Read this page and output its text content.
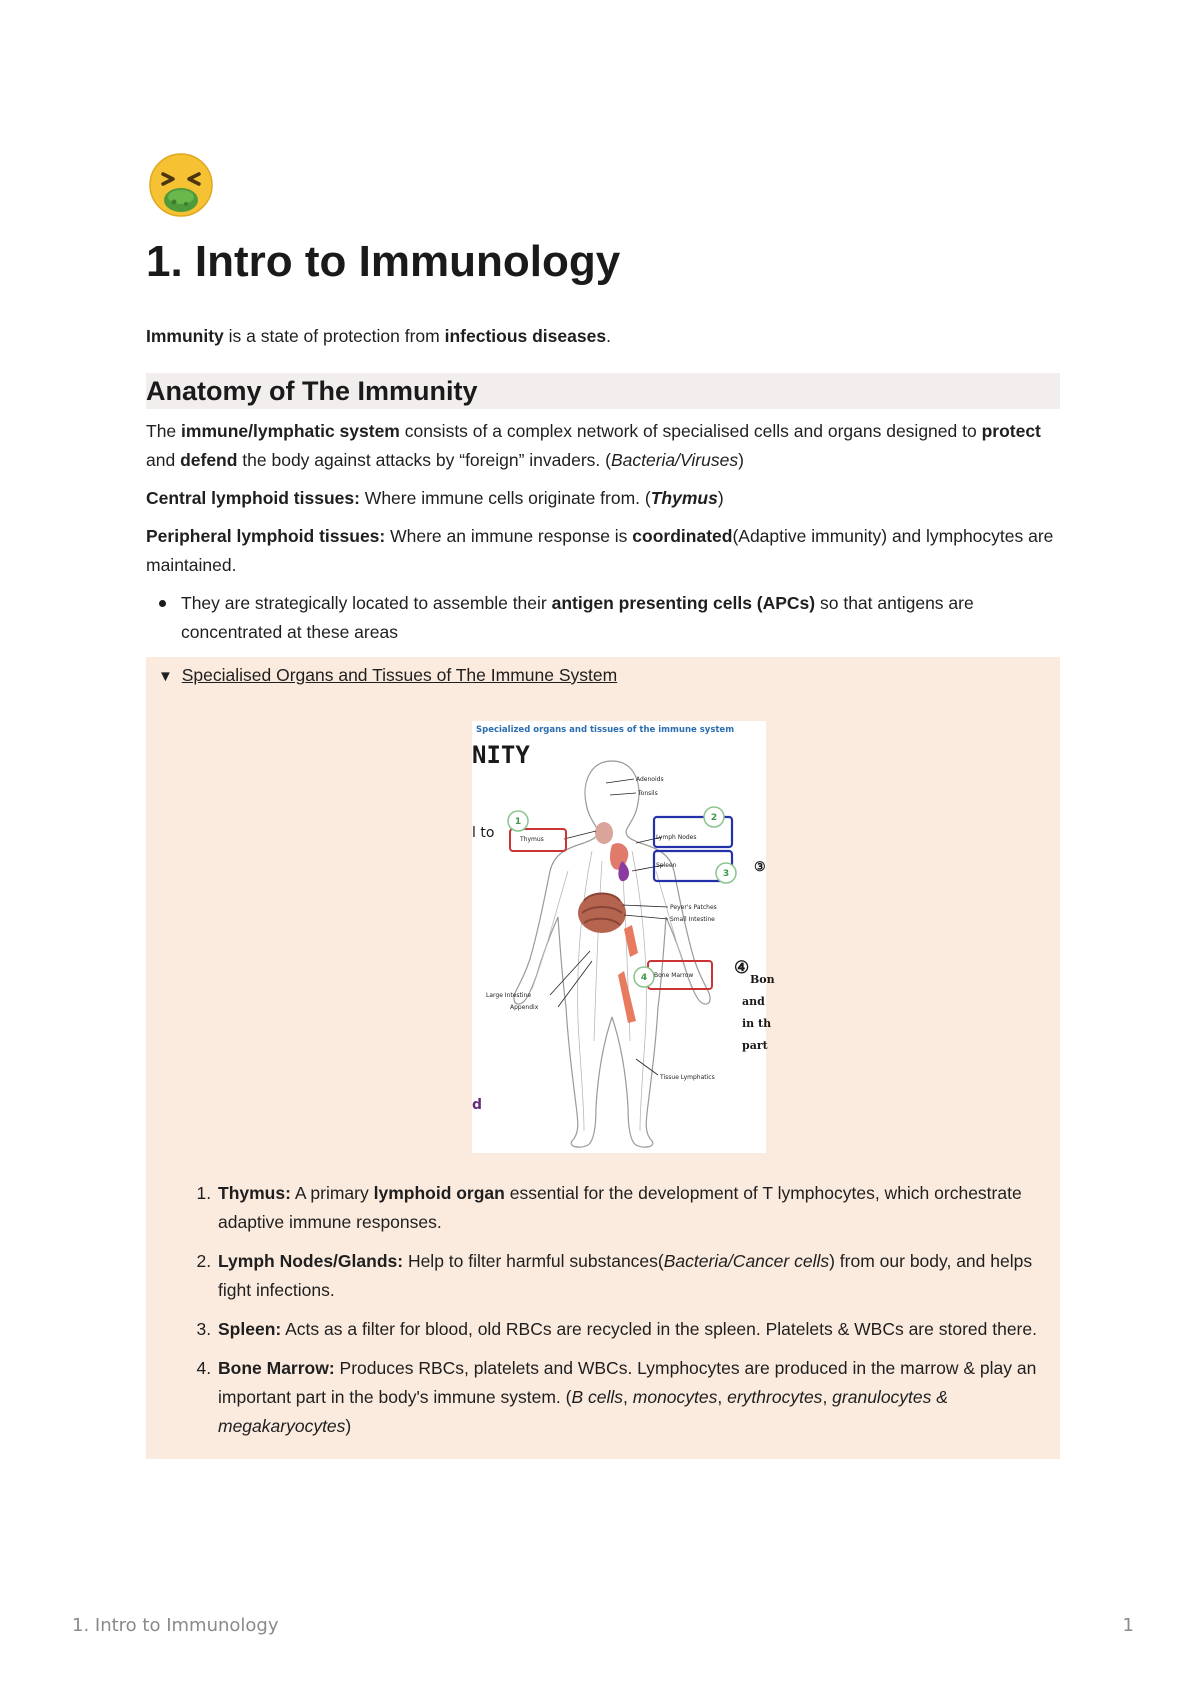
1. Intro to Immunology

Immunity is a state of protection from infectious diseases.

Anatomy of The Immunity

The immune/lymphatic system consists of a complex network of specialised cells and organs designed to protect and defend the body against attacks by “foreign” invaders. (Bacteria/Viruses)

Central lymphoid tissues: Where immune cells originate from. (Thymus)

Peripheral lymphoid tissues: Where an immune response is coordinated(Adaptive immunity) and lymphocytes are maintained.

They are strategically located to assemble their antigen presenting cells (APCs) so that antigens are concentrated at these areas
▼ Specialised Organs and Tissues of The Immune System
Specialized organs and tissues of the immune system
NITY
l to
d
Adenoids
Tonsils
Thymus	Lymph Nodes
Spleen
Peyer's Patches
Small Intestine
Large Intestine
Appendix
Bone Marrow
Tissue Lymphatics
1	2
3
4
③
④
Bon
and
in th
part
1. Thymus: A primary lymphoid organ essential for the development of T lymphocytes, which orchestrate adaptive immune responses.
2. Lymph Nodes/Glands: Help to filter harmful substances(Bacteria/Cancer cells) from our body, and helps fight infections.
3. Spleen: Acts as a filter for blood, old RBCs are recycled in the spleen. Platelets & WBCs are stored there.
4. Bone Marrow: Produces RBCs, platelets and WBCs. Lymphocytes are produced in the marrow & play an important part in the body's immune system. (B cells, monocytes, erythrocytes, granulocytes & megakaryocytes)
1. Intro to Immunology	1
